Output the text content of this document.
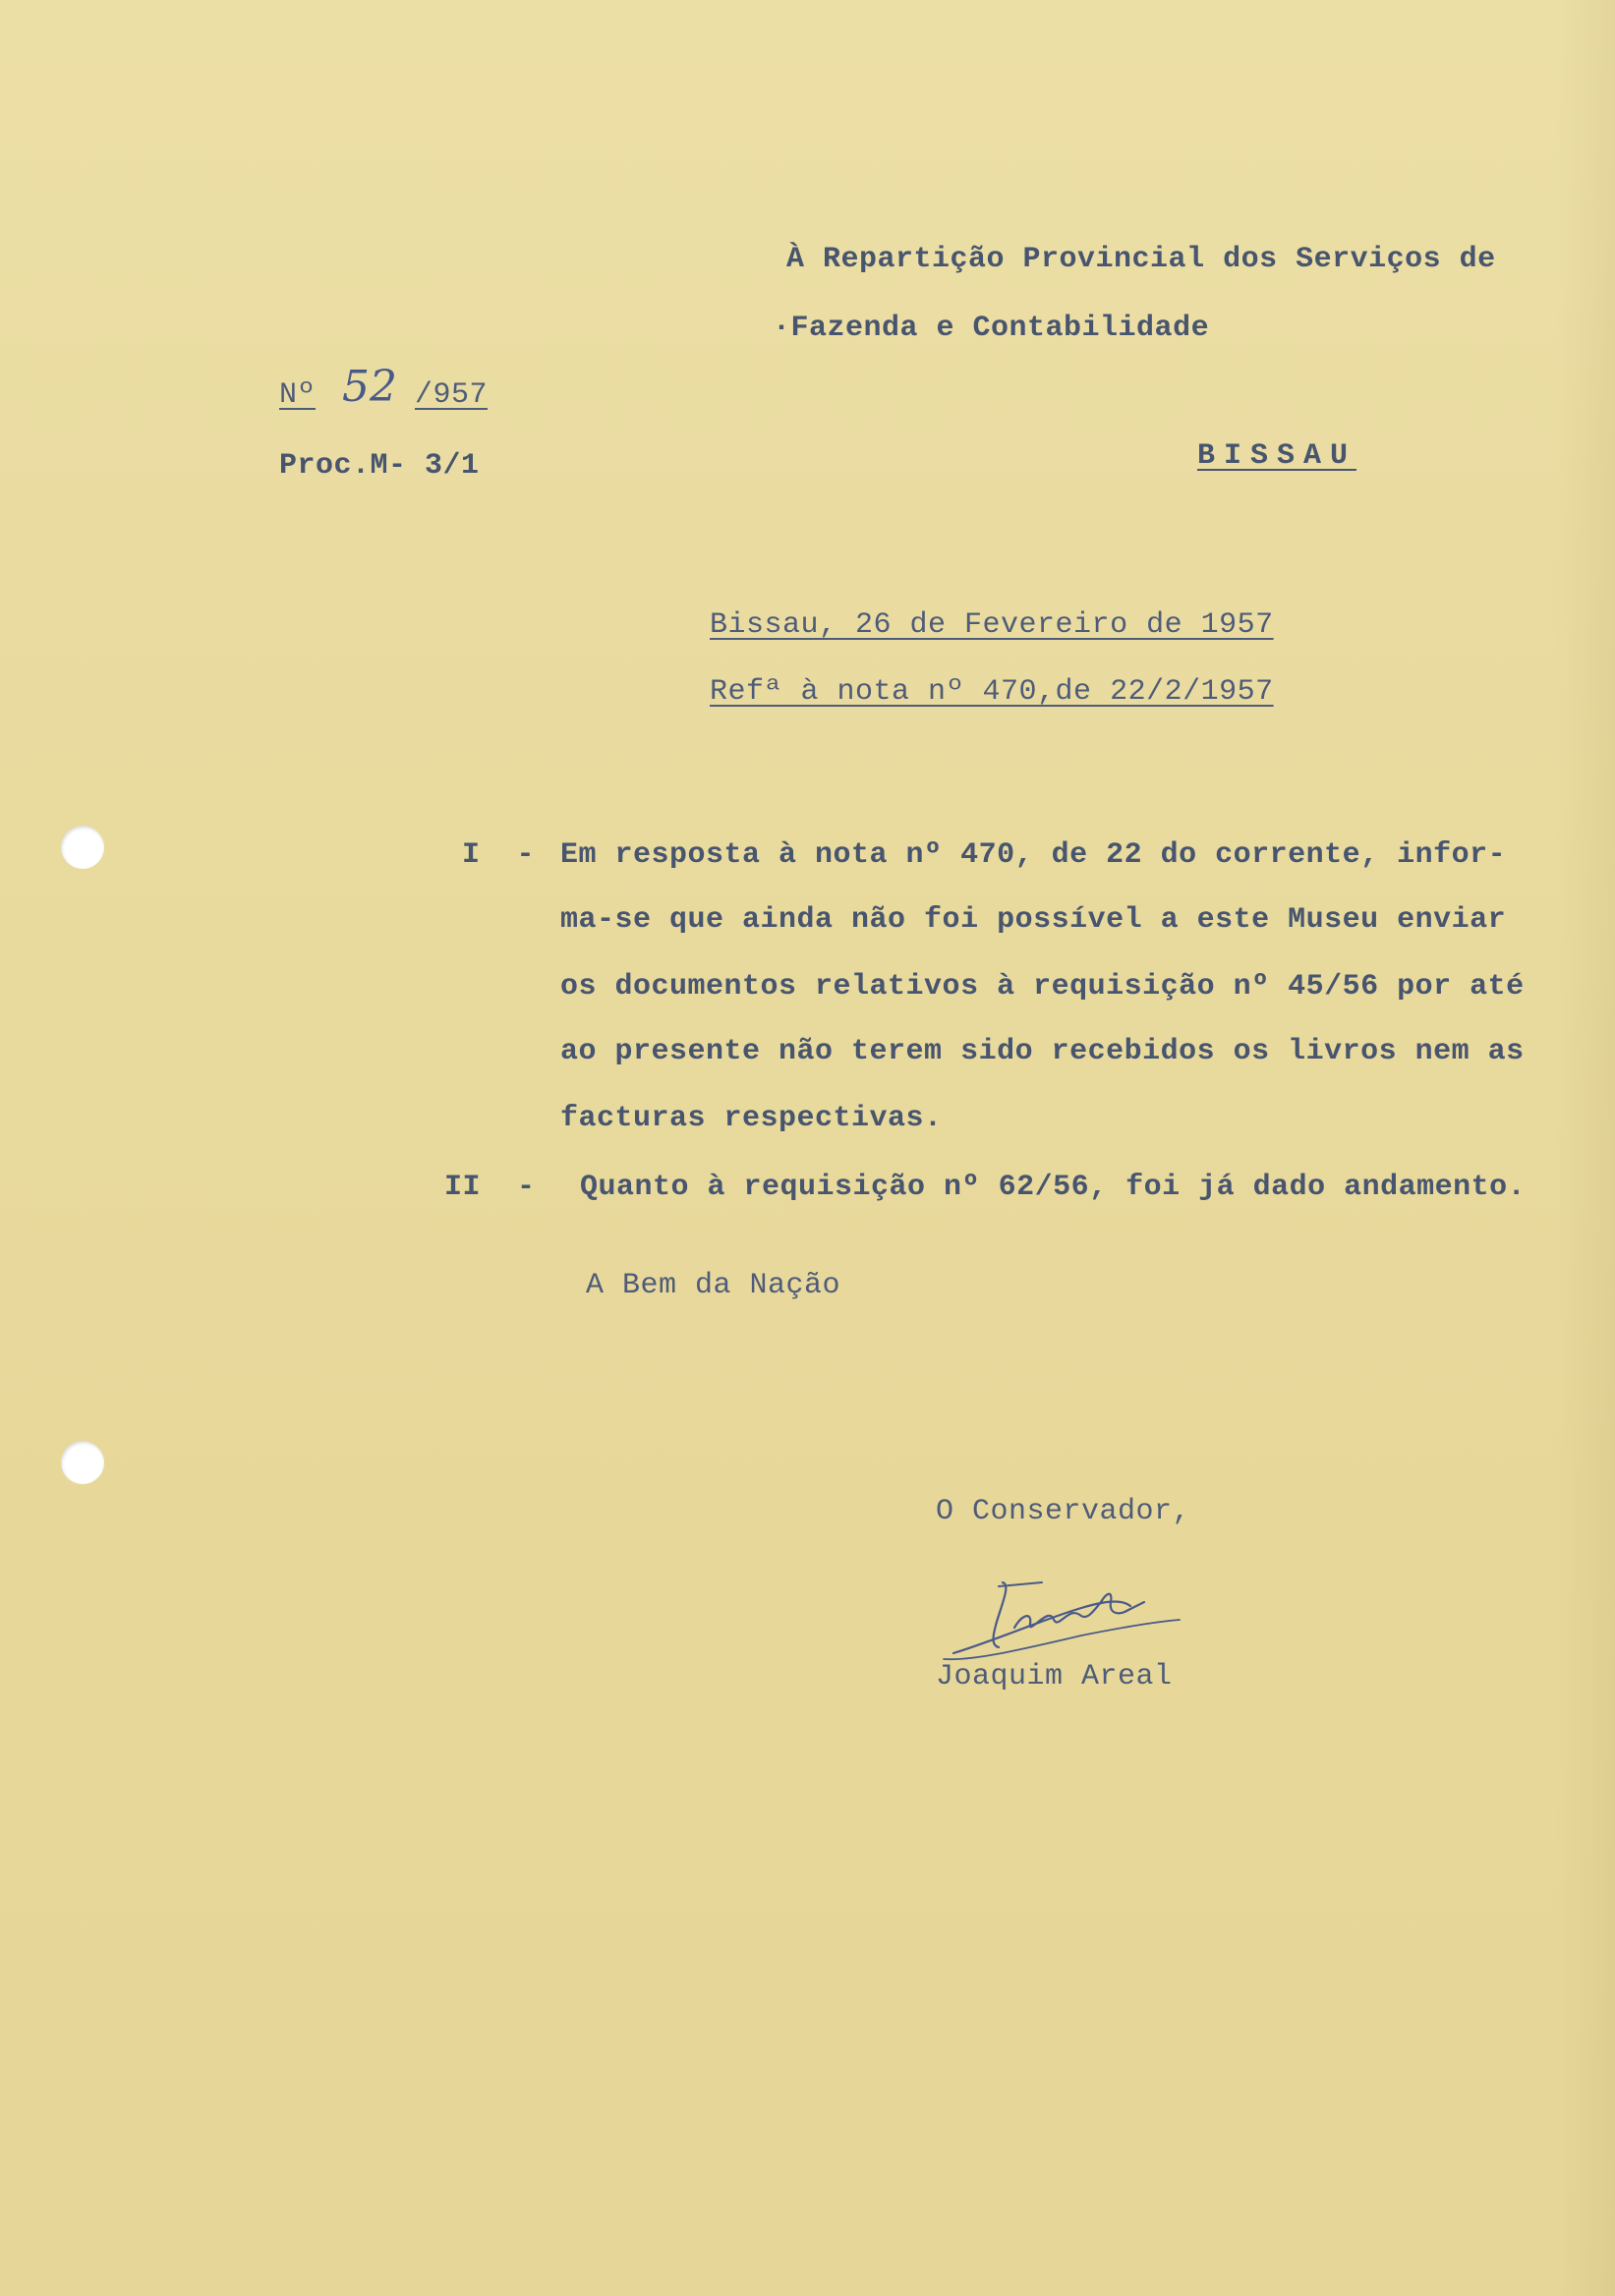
À Repartição Provincial dos Serviços de

·Fazenda e Contabilidade

Nº 52 /957

Proc.M- 3/1	BISSAU

Bissau, 26 de Fevereiro de 1957

Refª à nota nº 470,de 22/2/1957

I  - Em resposta à nota nº 470, de 22 do corrente, infor-

ma-se que ainda não foi possível a este Museu enviar

os documentos relativos à requisição nº 45/56 por até

ao presente não terem sido recebidos os livros nem as

facturas respectivas.

II  - Quanto à requisição nº 62/56, foi já dado andamento.

A Bem da Nação

O Conservador,

Joaquim Areal
